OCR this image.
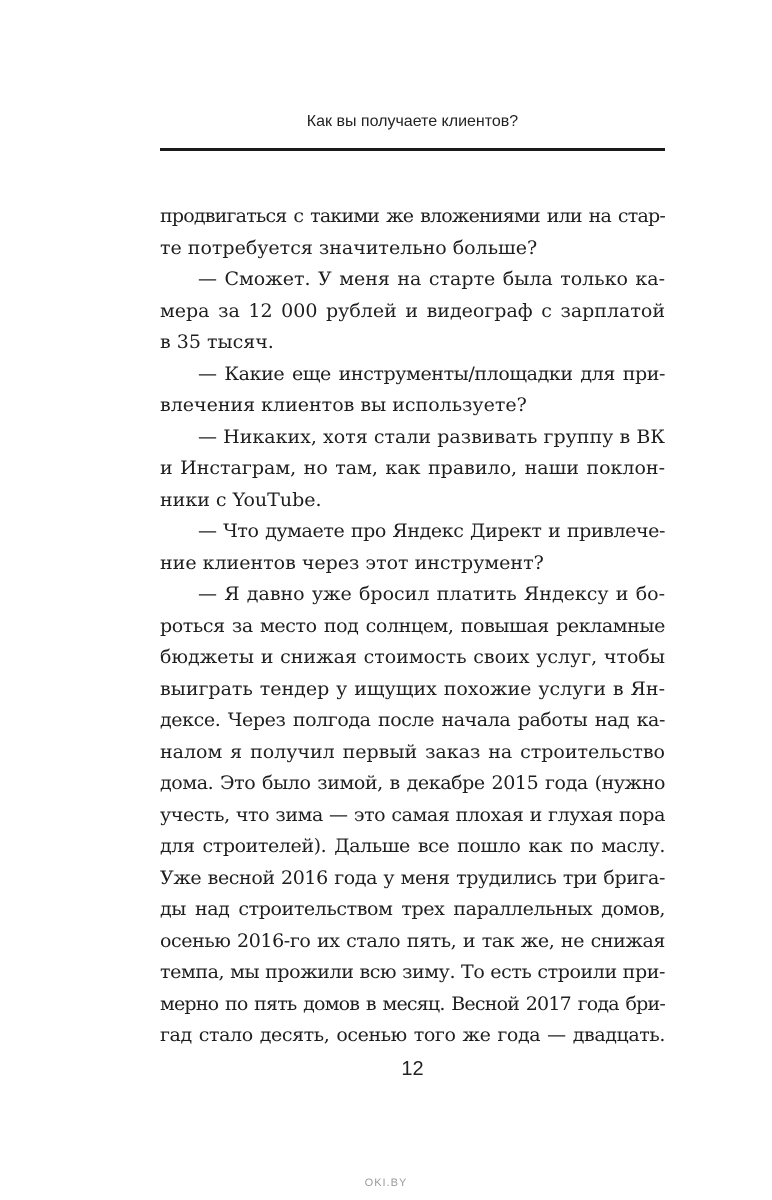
Как вы получаете клиентов?
продвигаться с такими же вложениями или на стар-
те потребуется значительно больше?
— Сможет. У меня на старте была только ка-
мера за 12 000 рублей и видеограф с зарплатой
в 35 тысяч.
— Какие еще инструменты/площадки для при-
влечения клиентов вы используете?
— Никаких, хотя стали развивать группу в ВК
и Инстаграм, но там, как правило, наши поклон-
ники с YouTube.
— Что думаете про Яндекс Директ и привлече-
ние клиентов через этот инструмент?
— Я давно уже бросил платить Яндексу и бо-
роться за место под солнцем, повышая рекламные
бюджеты и снижая стоимость своих услуг, чтобы
выиграть тендер у ищущих похожие услуги в Ян-
дексе. Через полгода после начала работы над ка-
налом я получил первый заказ на строительство
дома. Это было зимой, в декабре 2015 года (нужно
учесть, что зима — это самая плохая и глухая пора
для строителей). Дальше все пошло как по маслу.
Уже весной 2016 года у меня трудились три брига-
ды над строительством трех параллельных домов,
осенью 2016-го их стало пять, и так же, не снижая
темпа, мы прожили всю зиму. То есть строили при-
мерно по пять домов в месяц. Весной 2017 года бри-
гад стало десять, осенью того же года — двадцать.
12
OKI.BY
